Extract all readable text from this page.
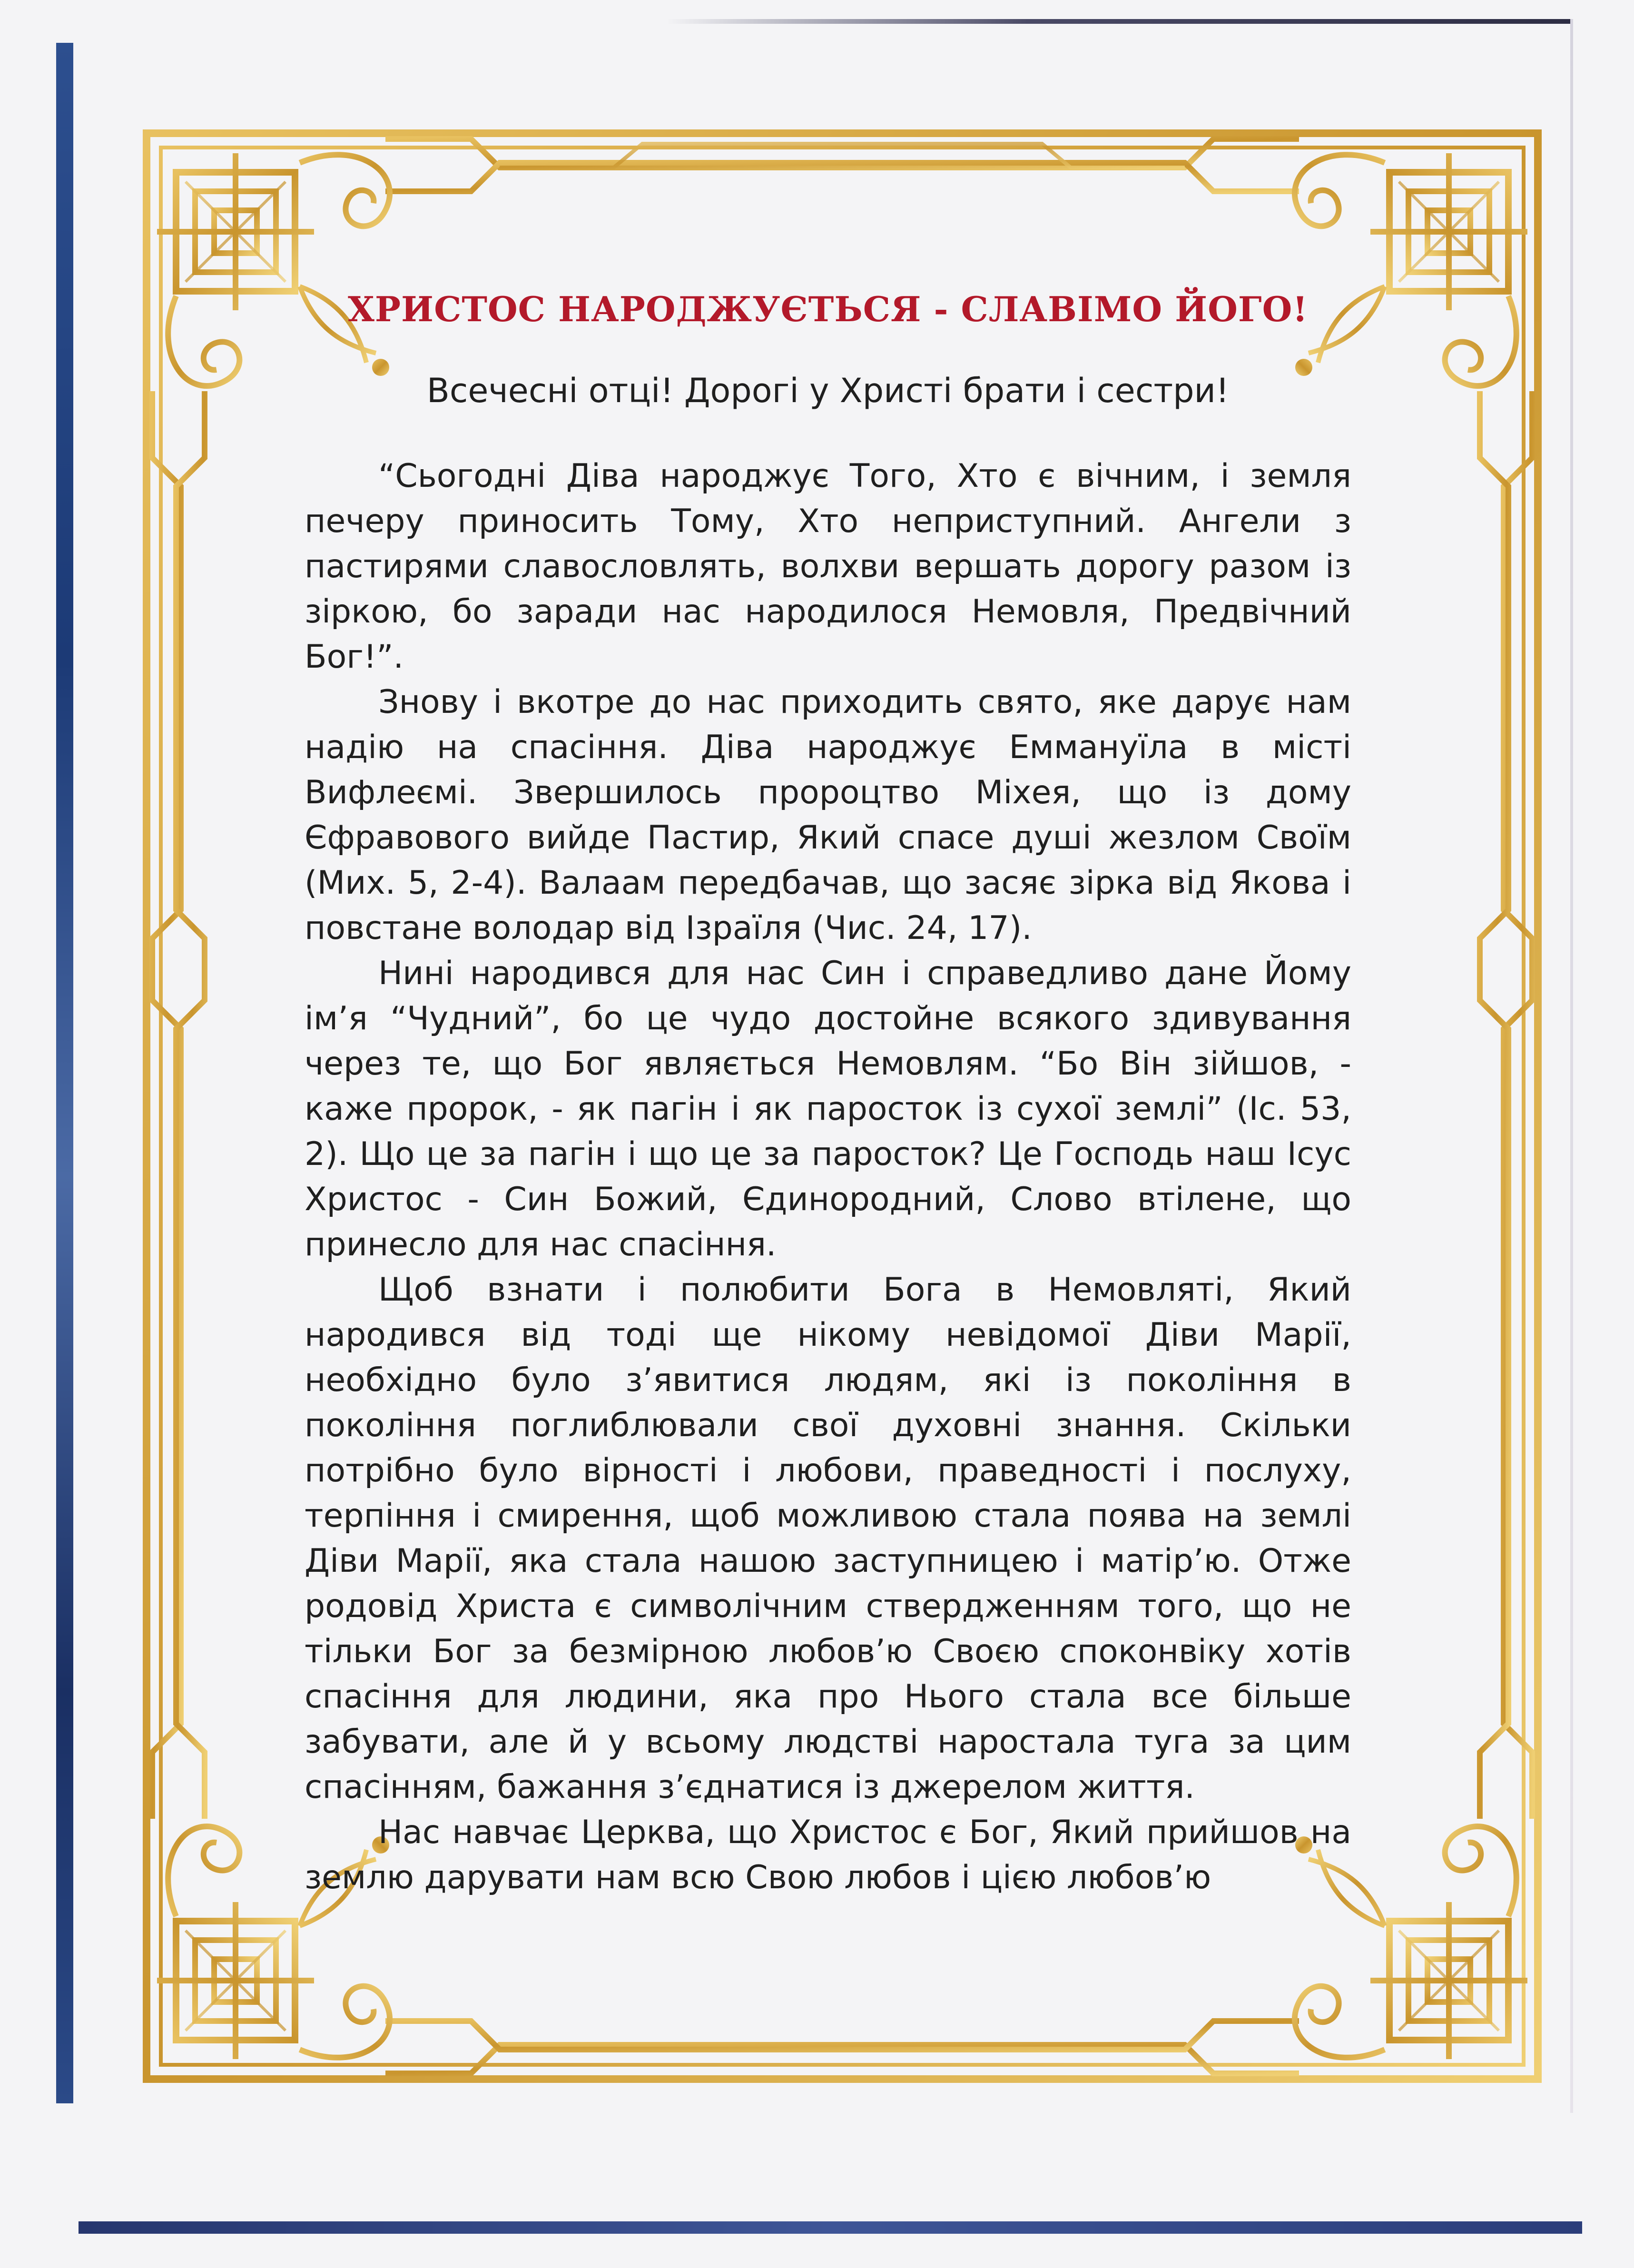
ХРИСТОС НАРОДЖУЄТЬСЯ - СЛАВІМО ЙОГО!

Всечесні отці! Дорогі у Христі брати і сестри!

“Сьогодні Діва народжує Того, Хто є вічним, і земля печеру приносить Тому, Хто неприступний. Ангели з пастирями славословлять, волхви вершать дорогу разом із зіркою, бо заради нас народилося Немовля, Предвічний Бог!”.

Знову і вкотре до нас приходить свято, яке дарує нам надію на спасіння. Діва народжує Еммануїла в місті Вифлеємі. Звершилось пророцтво Міхея, що із дому Єфравового вийде Пастир, Який спасе душі жезлом Своїм (Мих. 5, 2-4). Валаам передбачав, що засяє зірка від Якова і повстане володар від Ізраїля (Чис. 24, 17).

Нині народився для нас Син і справедливо дане Йому ім’я “Чудний”, бо це чудо достойне всякого здивування через те, що Бог являється Немовлям. “Бо Він зійшов, - каже пророк, - як пагін і як паросток із сухої землі” (Іс. 53, 2). Що це за пагін і що це за паросток? Це Господь наш Ісус Христос - Син Божий, Єдинородний, Слово втілене, що принесло для нас спасіння.

Щоб взнати і полюбити Бога в Немовляті, Який народився від тоді ще нікому невідомої Діви Марії, необхідно було з’явитися людям, які із покоління в покоління поглиблювали свої духовні знання. Скільки потрібно було вірності і любови, праведності і послуху, терпіння і смирення, щоб можливою стала поява на землі Діви Марії, яка стала нашою заступницею і матір’ю. Отже родовід Христа є символічним ствердженням того, що не тільки Бог за безмірною любов’ю Своєю споконвіку хотів спасіння для людини, яка про Нього стала все більше забувати, але й у всьому людстві наростала туга за цим спасінням, бажання з’єднатися із джерелом життя.

Нас навчає Церква, що Христос є Бог, Який прийшов на землю дарувати нам всю Свою любов і цією любов’ю
